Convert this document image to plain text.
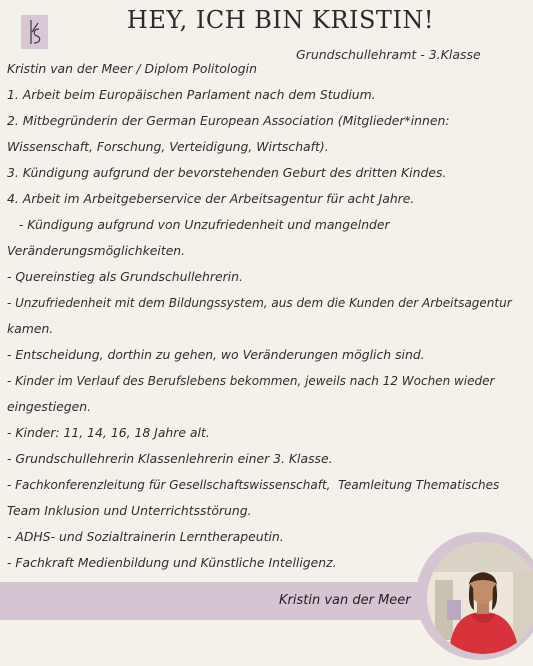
HEY, ICH BIN KRISTIN!
Grundschullehramt - 3.Klasse
Kristin van der Meer / Diplom Politologin
1. Arbeit beim Europäischen Parlament nach dem Studium.
2. Mitbegründerin der German European Association (Mitglieder*innen:
Wissenschaft, Forschung, Verteidigung, Wirtschaft).
3. Kündigung aufgrund der bevorstehenden Geburt des dritten Kindes.
4. Arbeit im Arbeitgeberservice der Arbeitsagentur für acht Jahre.
- Kündigung aufgrund von Unzufriedenheit und mangelnder
Veränderungsmöglichkeiten.
- Quereinstieg als Grundschullehrerin.
- Unzufriedenheit mit dem Bildungssystem, aus dem die Kunden der Arbeitsagentur
kamen.
- Entscheidung, dorthin zu gehen, wo Veränderungen möglich sind.
- Kinder im Verlauf des Berufslebens bekommen, jeweils nach 12 Wochen wieder
eingestiegen.
- Kinder: 11, 14, 16, 18 Jahre alt.
- Grundschullehrerin Klassenlehrerin einer 3. Klasse.
- Fachkonferenzleitung für Gesellschaftswissenschaft,  Teamleitung Thematisches
Team Inklusion und Unterrichtsstörung.
- ADHS- und Sozialtrainerin Lerntherapeutin.
- Fachkraft Medienbildung und Künstliche Intelligenz.
Kristin van der Meer
